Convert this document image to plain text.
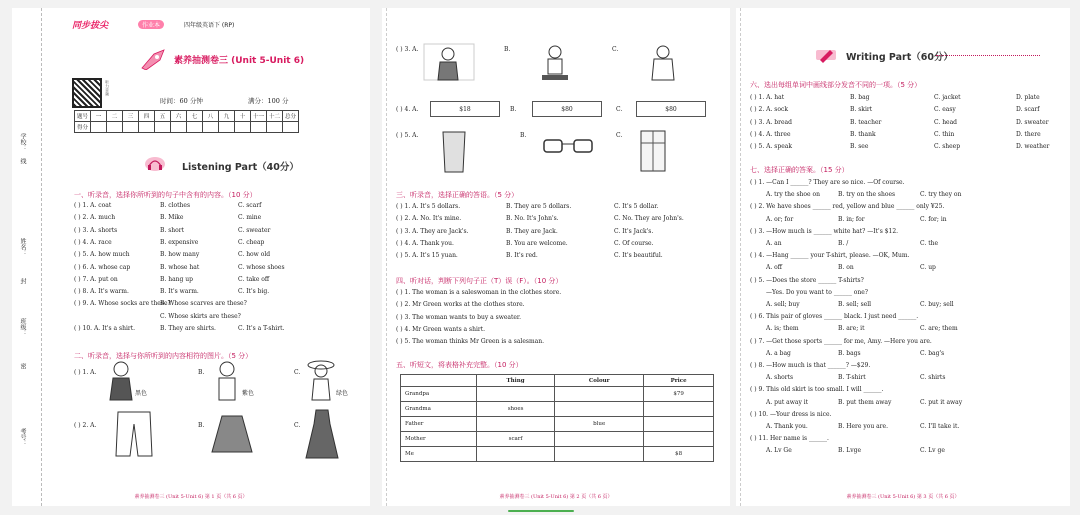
学校：
线
姓名：
封
班级：
密
考号：
同步拔尖	作业本	四年级英语下 (RP)
素养抽测卷三 (Unit 5-Unit 6)
听力音频
时间：60 分钟	满分：100 分
题号	一	二	三	四	五	六	七	八	九	十	十一	十二	总分
得分													
Listening Part（40分）
一、听录音，选择你所听到的句子中含有的内容。（10 分）
( ) 1. A. coat	B. clothes	C. scarf
( ) 2. A. much	B. Mike	C. mine
( ) 3. A. shorts	B. short	C. sweater
( ) 4. A. race	B. expensive	C. cheap
( ) 5. A. how much	B. how many	C. how old
( ) 6. A. whose cap	B. whose hat	C. whose shoes
( ) 7. A. put on	B. hang up	C. take off
( ) 8. A. It's warm.	B. It's warm.	C. It's big.
( ) 9. A. Whose socks are these?
B. Whose scarves are these?
C. Whose skirts are these?
( ) 10. A. It's a shirt.	B. They are shirts.	C. It's a T-shirt.
二、听录音，选择与你所听到的内容相符的图片。（5 分）
( ) 1. A.
黑色
B.
紫色
C.
绿色
( ) 2. A.	B.	C.
素养抽测卷三 (Unit 5-Unit 6) 第 1 页（共 6 页）
( ) 3. A.	B.	C.
( ) 4. A.	$18	B.	$80	C.	$80
( ) 5. A.	B.	C.
三、听录音，选择正确的答语。（5 分）
( ) 1. A. It's 5 dollars.	B. They are 5 dollars.	C. It's 5 dollar.
( ) 2. A. No. It's mine.	B. No. It's John's.	C. No. They are John's.
( ) 3. A. They are Jack's.	B. They are Jack.	C. It's Jack's.
( ) 4. A. Thank you.	B. You are welcome.	C. Of course.
( ) 5. A. It's 15 yuan.	B. It's red.	C. It's beautiful.
四、听对话，判断下列句子正（T）误（F）。（10 分）
( ) 1. The woman is a saleswoman in the clothes store.
( ) 2. Mr Green works at the clothes store.
( ) 3. The woman wants to buy a sweater.
( ) 4. Mr Green wants a shirt.
( ) 5. The woman thinks Mr Green is a salesman.
五、听短文，将表格补充完整。（10 分）
	Thing	Colour	Price
Grandpa			$79
Grandma	shoes		
Father		blue	
Mother	scarf		
Me			$8
素养抽测卷三 (Unit 5-Unit 6) 第 2 页（共 6 页）
Writing Part（60分）
六、选出每组单词中画线部分发音不同的一项。（5 分）
( ) 1. A. hat	B. bag	C. jacket	D. plate
( ) 2. A. sock	B. skirt	C. easy	D. scarf
( ) 3. A. bread	B. teacher	C. head	D. sweater
( ) 4. A. three	B. thank	C. thin	D. there
( ) 5. A. speak	B. see	C. sheep	D. weather
七、选择正确的答案。（15 分）
( ) 1. —Can I ______? They are so nice. —Of course.
A. try the shoe on	B. try on the shoes	C. try they on
( ) 2. We have shoes ______ red, yellow and blue ______ only ¥25.
A. or; for	B. in; for	C. for; in
( ) 3. —How much is ______ white hat? —It's $12.
A. an	B. /	C. the
( ) 4. —Hang ______ your T-shirt, please. —OK, Mum.
A. off	B. on	C. up
( ) 5. —Does the store ______ T-shirts?
—Yes. Do you want to ______ one?
A. sell; buy	B. sell; sell	C. buy; sell
( ) 6. This pair of gloves ______ black. I just need ______.
A. is; them	B. are; it	C. are; them
( ) 7. —Get those sports ______ for me, Amy. —Here you are.
A. a bag	B. bags	C. bag's
( ) 8. —How much is that ______? —$29.
A. shorts	B. T-shirt	C. shirts
( ) 9. This old skirt is too small. I will ______.
A. put away it	B. put them away	C. put it away
( ) 10. —Your dress is nice.
A. Thank you.	B. Here you are.	C. I'll take it.
( ) 11. Her name is ______.
A. Lv Ge	B. Lvge	C. Lv ge
素养抽测卷三 (Unit 5-Unit 6) 第 3 页（共 6 页）
